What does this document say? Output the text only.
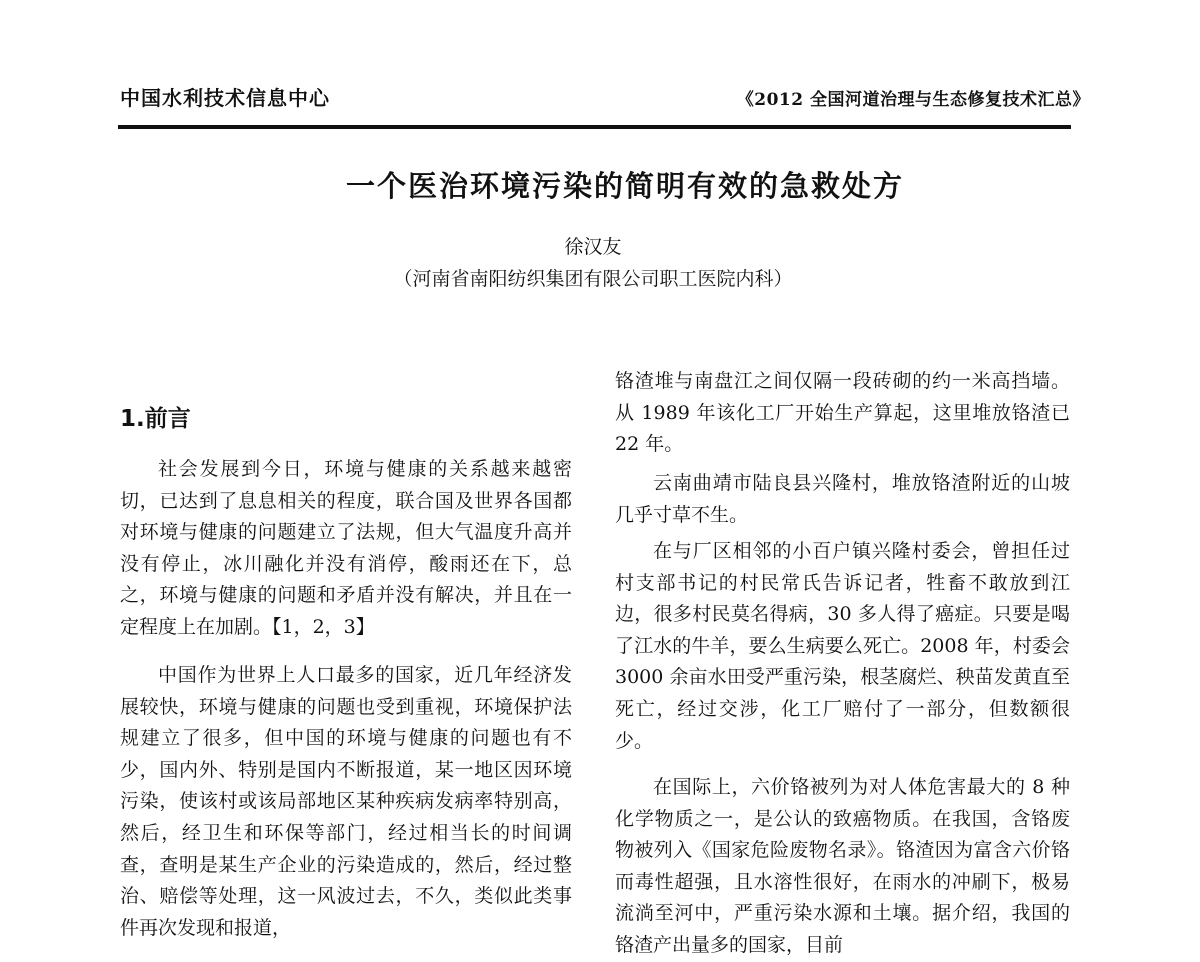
中国水利技术信息中心	《2012 全国河道治理与生态修复技术汇总》
一个医治环境污染的简明有效的急救处方
徐汉友
（河南省南阳纺织集团有限公司职工医院内科）
1.前言

社会发展到今日，环境与健康的关系越来越密切，已达到了息息相关的程度，联合国及世界各国都对环境与健康的问题建立了法规，但大气温度升高并没有停止，冰川融化并没有消停，酸雨还在下，总之，环境与健康的问题和矛盾并没有解决，并且在一定程度上在加剧。【1，2，3】

中国作为世界上人口最多的国家，近几年经济发展较快，环境与健康的问题也受到重视，环境保护法规建立了很多，但中国的环境与健康的问题也有不少，国内外、特别是国内不断报道，某一地区因环境污染，使该村或该局部地区某种疾病发病率特别高，然后，经卫生和环保等部门，经过相当长的时间调查，查明是某生产企业的污染造成的，然后，经过整治、赔偿等处理，这一风波过去，不久，类似此类事件再次发现和报道，

铬渣堆与南盘江之间仅隔一段砖砌的约一米高挡墙。从 1989 年该化工厂开始生产算起，这里堆放铬渣已 22 年。

云南曲靖市陆良县兴隆村，堆放铬渣附近的山坡几乎寸草不生。

在与厂区相邻的小百户镇兴隆村委会，曾担任过村支部书记的村民常氏告诉记者，牲畜不敢放到江边，很多村民莫名得病，30 多人得了癌症。只要是喝了江水的牛羊，要么生病要么死亡。2008 年，村委会 3000 余亩水田受严重污染，根茎腐烂、秧苗发黄直至死亡，经过交涉，化工厂赔付了一部分，但数额很少。

在国际上，六价铬被列为对人体危害最大的 8 种化学物质之一，是公认的致癌物质。在我国，含铬废物被列入《国家危险废物名录》。铬渣因为富含六价铬而毒性超强，且水溶性很好，在雨水的冲刷下，极易流淌至河中，严重污染水源和土壤。据介绍，我国的铬渣产出量多的国家，目前
